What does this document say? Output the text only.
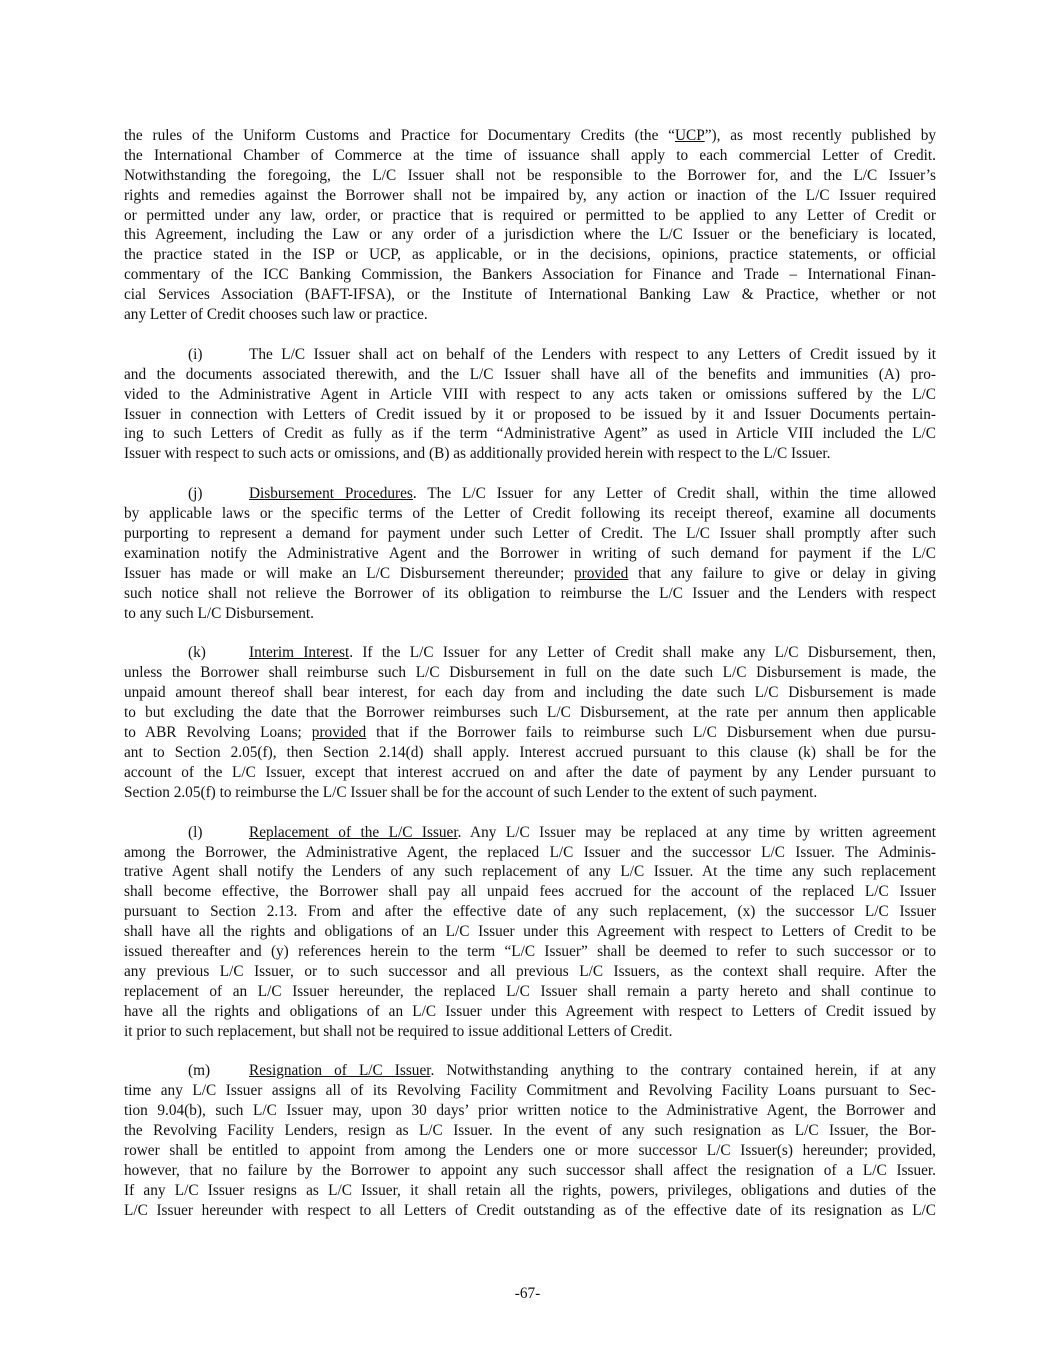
the rules of the Uniform Customs and Practice for Documentary Credits (the “UCP”), as most recently published by
the International Chamber of Commerce at the time of issuance shall apply to each commercial Letter of Credit.
Notwithstanding the foregoing, the L/C Issuer shall not be responsible to the Borrower for, and the L/C Issuer’s
rights and remedies against the Borrower shall not be impaired by, any action or inaction of the L/C Issuer required
or permitted under any law, order, or practice that is required or permitted to be applied to any Letter of Credit or
this Agreement, including the Law or any order of a jurisdiction where the L/C Issuer or the beneficiary is located,
the practice stated in the ISP or UCP, as applicable, or in the decisions, opinions, practice statements, or official
commentary of the ICC Banking Commission, the Bankers Association for Finance and Trade – International Finan-
cial Services Association (BAFT-IFSA), or the Institute of International Banking Law & Practice, whether or not
any Letter of Credit chooses such law or practice.
(i)	The L/C Issuer shall act on behalf of the Lenders with respect to any Letters of Credit issued by it
and the documents associated therewith, and the L/C Issuer shall have all of the benefits and immunities (A) pro-
vided to the Administrative Agent in Article VIII with respect to any acts taken or omissions suffered by the L/C
Issuer in connection with Letters of Credit issued by it or proposed to be issued by it and Issuer Documents pertain-
ing to such Letters of Credit as fully as if the term “Administrative Agent” as used in Article VIII included the L/C
Issuer with respect to such acts or omissions, and (B) as additionally provided herein with respect to the L/C Issuer.
(j)	Disbursement Procedures. The L/C Issuer for any Letter of Credit shall, within the time allowed
by applicable laws or the specific terms of the Letter of Credit following its receipt thereof, examine all documents
purporting to represent a demand for payment under such Letter of Credit. The L/C Issuer shall promptly after such
examination notify the Administrative Agent and the Borrower in writing of such demand for payment if the L/C
Issuer has made or will make an L/C Disbursement thereunder; provided that any failure to give or delay in giving
such notice shall not relieve the Borrower of its obligation to reimburse the L/C Issuer and the Lenders with respect
to any such L/C Disbursement.
(k)	Interim Interest. If the L/C Issuer for any Letter of Credit shall make any L/C Disbursement, then,
unless the Borrower shall reimburse such L/C Disbursement in full on the date such L/C Disbursement is made, the
unpaid amount thereof shall bear interest, for each day from and including the date such L/C Disbursement is made
to but excluding the date that the Borrower reimburses such L/C Disbursement, at the rate per annum then applicable
to ABR Revolving Loans; provided that if the Borrower fails to reimburse such L/C Disbursement when due pursu-
ant to Section 2.05(f), then Section 2.14(d) shall apply. Interest accrued pursuant to this clause (k) shall be for the
account of the L/C Issuer, except that interest accrued on and after the date of payment by any Lender pursuant to
Section 2.05(f) to reimburse the L/C Issuer shall be for the account of such Lender to the extent of such payment.
(l)	Replacement of the L/C Issuer. Any L/C Issuer may be replaced at any time by written agreement
among the Borrower, the Administrative Agent, the replaced L/C Issuer and the successor L/C Issuer. The Adminis-
trative Agent shall notify the Lenders of any such replacement of any L/C Issuer. At the time any such replacement
shall become effective, the Borrower shall pay all unpaid fees accrued for the account of the replaced L/C Issuer
pursuant to Section 2.13. From and after the effective date of any such replacement, (x) the successor L/C Issuer
shall have all the rights and obligations of an L/C Issuer under this Agreement with respect to Letters of Credit to be
issued thereafter and (y) references herein to the term “L/C Issuer” shall be deemed to refer to such successor or to
any previous L/C Issuer, or to such successor and all previous L/C Issuers, as the context shall require. After the
replacement of an L/C Issuer hereunder, the replaced L/C Issuer shall remain a party hereto and shall continue to
have all the rights and obligations of an L/C Issuer under this Agreement with respect to Letters of Credit issued by
it prior to such replacement, but shall not be required to issue additional Letters of Credit.
(m)	Resignation of L/C Issuer. Notwithstanding anything to the contrary contained herein, if at any
time any L/C Issuer assigns all of its Revolving Facility Commitment and Revolving Facility Loans pursuant to Sec-
tion 9.04(b), such L/C Issuer may, upon 30 days’ prior written notice to the Administrative Agent, the Borrower and
the Revolving Facility Lenders, resign as L/C Issuer. In the event of any such resignation as L/C Issuer, the Bor-
rower shall be entitled to appoint from among the Lenders one or more successor L/C Issuer(s) hereunder; provided,
however, that no failure by the Borrower to appoint any such successor shall affect the resignation of a L/C Issuer.
If any L/C Issuer resigns as L/C Issuer, it shall retain all the rights, powers, privileges, obligations and duties of the
L/C Issuer hereunder with respect to all Letters of Credit outstanding as of the effective date of its resignation as L/C
-67-
